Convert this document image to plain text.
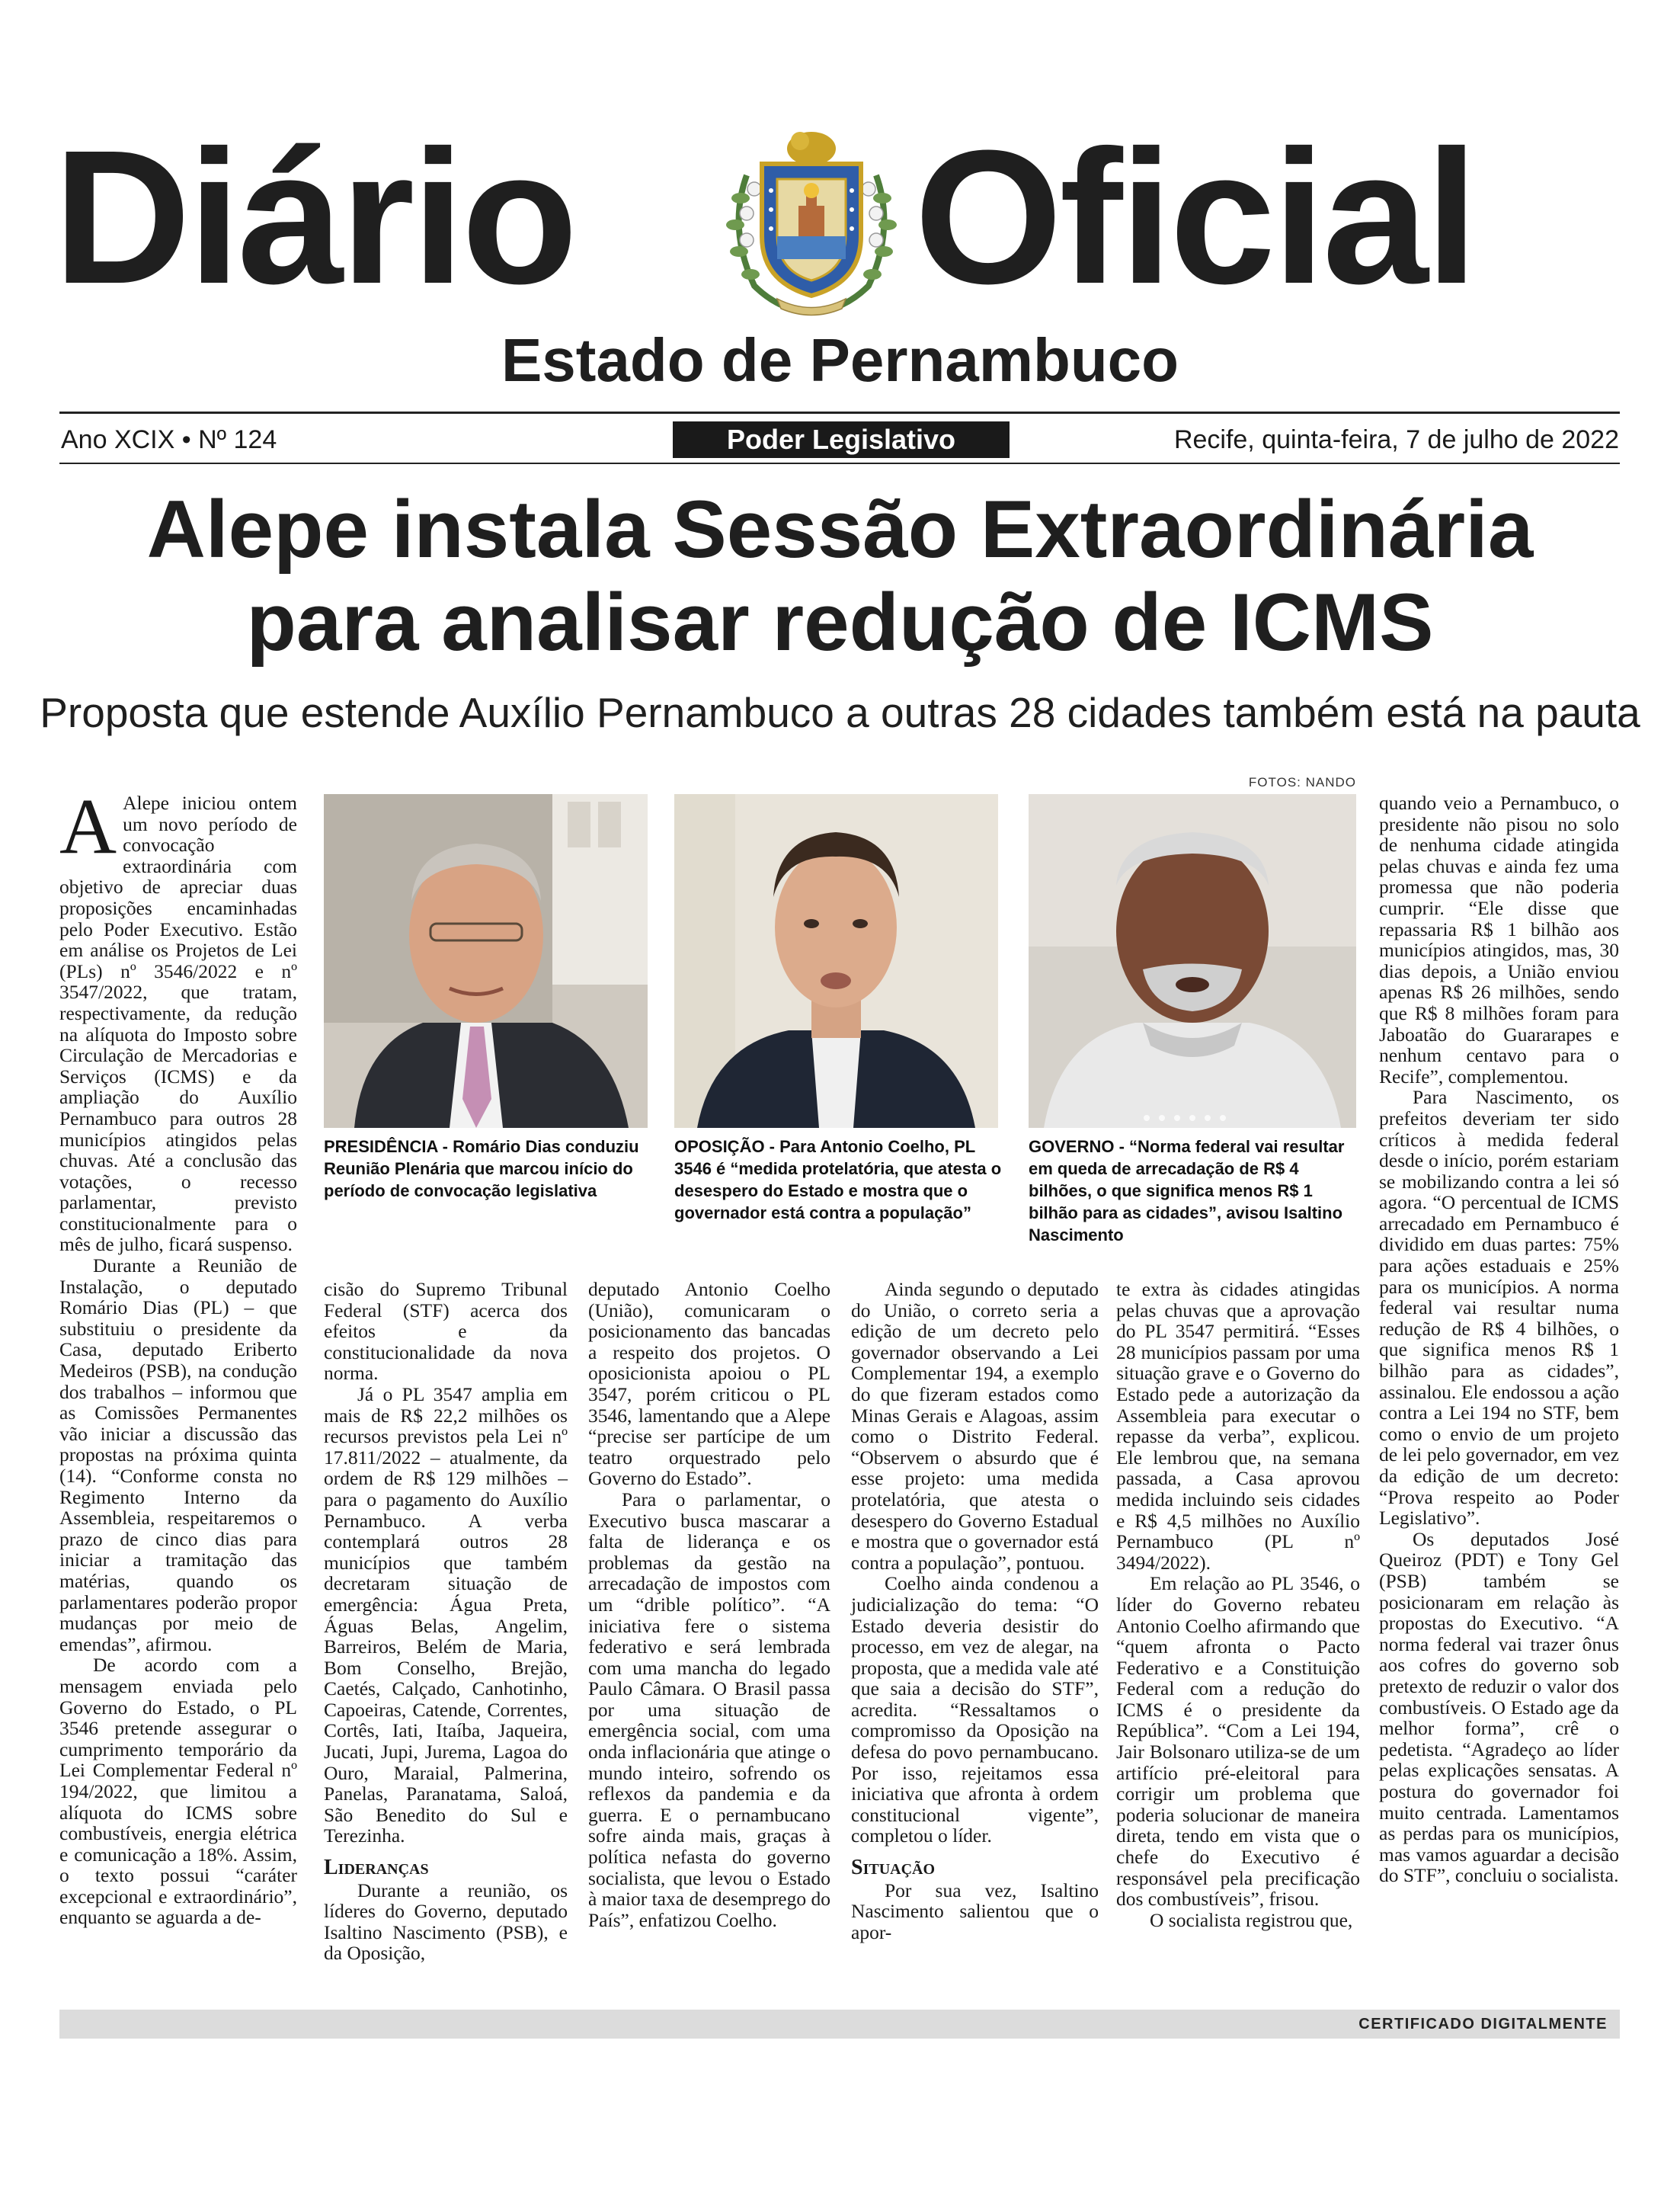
Diário Oficial
Estado de Pernambuco
Ano XCIX • Nº 124	Poder Legislativo	Recife, quinta-feira, 7 de julho de 2022
Alepe instala Sessão Extraordinária
para analisar redução de ICMS
Proposta que estende Auxílio Pernambuco a outras 28 cidades também está na pauta
FOTOS: NANDO
PRESIDÊNCIA - Romário Dias conduziu Reunião Plenária que marcou início do período de convocação legislativa
OPOSIÇÃO - Para Antonio Coelho, PL 3546 é “medida protelatória, que atesta o desespero do Estado e mostra que o governador está contra a população”
GOVERNO - “Norma federal vai resultar em queda de arrecadação de R$ 4 bilhões, o que significa menos R$ 1 bilhão para as cidades”, avisou Isaltino Nascimento

A Alepe iniciou ontem um novo período de convocação extraordinária com objetivo de apreciar duas proposições encaminhadas pelo Poder Executivo. Estão em análise os Projetos de Lei (PLs) nº 3546/2022 e nº 3547/2022, que tratam, respectivamente, da redução na alíquota do Imposto sobre Circulação de Mercadorias e Serviços (ICMS) e da ampliação do Auxílio Pernambuco para outros 28 municípios atingidos pelas chuvas. Até a conclusão das votações, o recesso parlamentar, previsto constitucionalmente para o mês de julho, ficará suspenso.

Durante a Reunião de Instalação, o deputado Romário Dias (PL) – que substituiu o presidente da Casa, deputado Eriberto Medeiros (PSB), na condução dos trabalhos – informou que as Comissões Permanentes vão iniciar a discussão das propostas na próxima quinta (14). “Conforme consta no Regimento Interno da Assembleia, respeitaremos o prazo de cinco dias para iniciar a tramitação das matérias, quando os parlamentares poderão propor mudanças por meio de emendas”, afirmou.

De acordo com a mensagem enviada pelo Governo do Estado, o PL 3546 pretende assegurar o cumprimento temporário da Lei Complementar Federal nº 194/2022, que limitou a alíquota do ICMS sobre combustíveis, energia elétrica e comunicação a 18%. Assim, o texto possui “caráter excepcional e extraordinário”, enquanto se aguarda a de-

cisão do Supremo Tribunal Federal (STF) acerca dos efeitos e da constitucionalidade da nova norma.

Já o PL 3547 amplia em mais de R$ 22,2 milhões os recursos previstos pela Lei nº 17.811/2022 – atualmente, da ordem de R$ 129 milhões – para o pagamento do Auxílio Pernambuco. A verba contemplará outros 28 municípios que também decretaram situação de emergência: Água Preta, Águas Belas, Angelim, Barreiros, Belém de Maria, Bom Conselho, Brejão, Caetés, Calçado, Canhotinho, Capoeiras, Catende, Correntes, Cortês, Iati, Itaíba, Jaqueira, Jucati, Jupi, Jurema, Lagoa do Ouro, Maraial, Palmerina, Panelas, Paranatama, Saloá, São Benedito do Sul e Terezinha.

Lideranças

Durante a reunião, os líderes do Governo, deputado Isaltino Nascimento (PSB), e da Oposição,

deputado Antonio Coelho (União), comunicaram o posicionamento das bancadas a respeito dos projetos. O oposicionista apoiou o PL 3547, porém criticou o PL 3546, lamentando que a Alepe “precise ser partícipe de um teatro orquestrado pelo Governo do Estado”.

Para o parlamentar, o Executivo busca mascarar a falta de liderança e os problemas da gestão na arrecadação de impostos com um “drible político”. “A iniciativa fere o sistema federativo e será lembrada com uma mancha do legado Paulo Câmara. O Brasil passa por uma situação de emergência social, com uma onda inflacionária que atinge o mundo inteiro, sofrendo os reflexos da pandemia e da guerra. E o pernambucano sofre ainda mais, graças à política nefasta do governo socialista, que levou o Estado à maior taxa de desemprego do País”, enfatizou Coelho.

Ainda segundo o deputado do União, o correto seria a edição de um decreto pelo governador observando a Lei Complementar 194, a exemplo do que fizeram estados como Minas Gerais e Alagoas, assim como o Distrito Federal. “Observem o absurdo que é esse projeto: uma medida protelatória, que atesta o desespero do Governo Estadual e mostra que o governador está contra a população”, pontuou.

Coelho ainda condenou a judicialização do tema: “O Estado deveria desistir do processo, em vez de alegar, na proposta, que a medida vale até que saia a decisão do STF”, acredita. “Ressaltamos o compromisso da Oposição na defesa do povo pernambucano. Por isso, rejeitamos essa iniciativa que afronta à ordem constitucional vigente”, completou o líder.

Situação

Por sua vez, Isaltino Nascimento salientou que o apor-

te extra às cidades atingidas pelas chuvas que a aprovação do PL 3547 permitirá. “Esses 28 municípios passam por uma situação grave e o Governo do Estado pede a autorização da Assembleia para executar o repasse da verba”, explicou. Ele lembrou que, na semana passada, a Casa aprovou medida incluindo seis cidades e R$ 4,5 milhões no Auxílio Pernambuco (PL nº 3494/2022).

Em relação ao PL 3546, o líder do Governo rebateu Antonio Coelho afirmando que “quem afronta o Pacto Federativo e a Constituição Federal com a redução do ICMS é o presidente da República”. “Com a Lei 194, Jair Bolsonaro utiliza-se de um artifício pré-eleitoral para corrigir um problema que poderia solucionar de maneira direta, tendo em vista que o chefe do Executivo é responsável pela precificação dos combustíveis”, frisou.

O socialista registrou que,

quando veio a Pernambuco, o presidente não pisou no solo de nenhuma cidade atingida pelas chuvas e ainda fez uma promessa que não poderia cumprir. “Ele disse que repassaria R$ 1 bilhão aos municípios atingidos, mas, 30 dias depois, a União enviou apenas R$ 26 milhões, sendo que R$ 8 milhões foram para Jaboatão do Guararapes e nenhum centavo para o Recife”, complementou.

Para Nascimento, os prefeitos deveriam ter sido críticos à medida federal desde o início, porém estariam se mobilizando contra a lei só agora. “O percentual de ICMS arrecadado em Pernambuco é dividido em duas partes: 75% para ações estaduais e 25% para os municípios. A norma federal vai resultar numa redução de R$ 4 bilhões, o que significa menos R$ 1 bilhão para as cidades”, assinalou. Ele endossou a ação contra a Lei 194 no STF, bem como o envio de um projeto de lei pelo governador, em vez da edição de um decreto: “Prova respeito ao Poder Legislativo”.

Os deputados José Queiroz (PDT) e Tony Gel (PSB) também se posicionaram em relação às propostas do Executivo. “A norma federal vai trazer ônus aos cofres do governo sob pretexto de reduzir o valor dos combustíveis. O Estado age da melhor forma”, crê o pedetista. “Agradeço ao líder pelas explicações sensatas. A postura do governador foi muito centrada. Lamentamos as perdas para os municípios, mas vamos aguardar a decisão do STF”, concluiu o socialista.

CERTIFICADO DIGITALMENTE
